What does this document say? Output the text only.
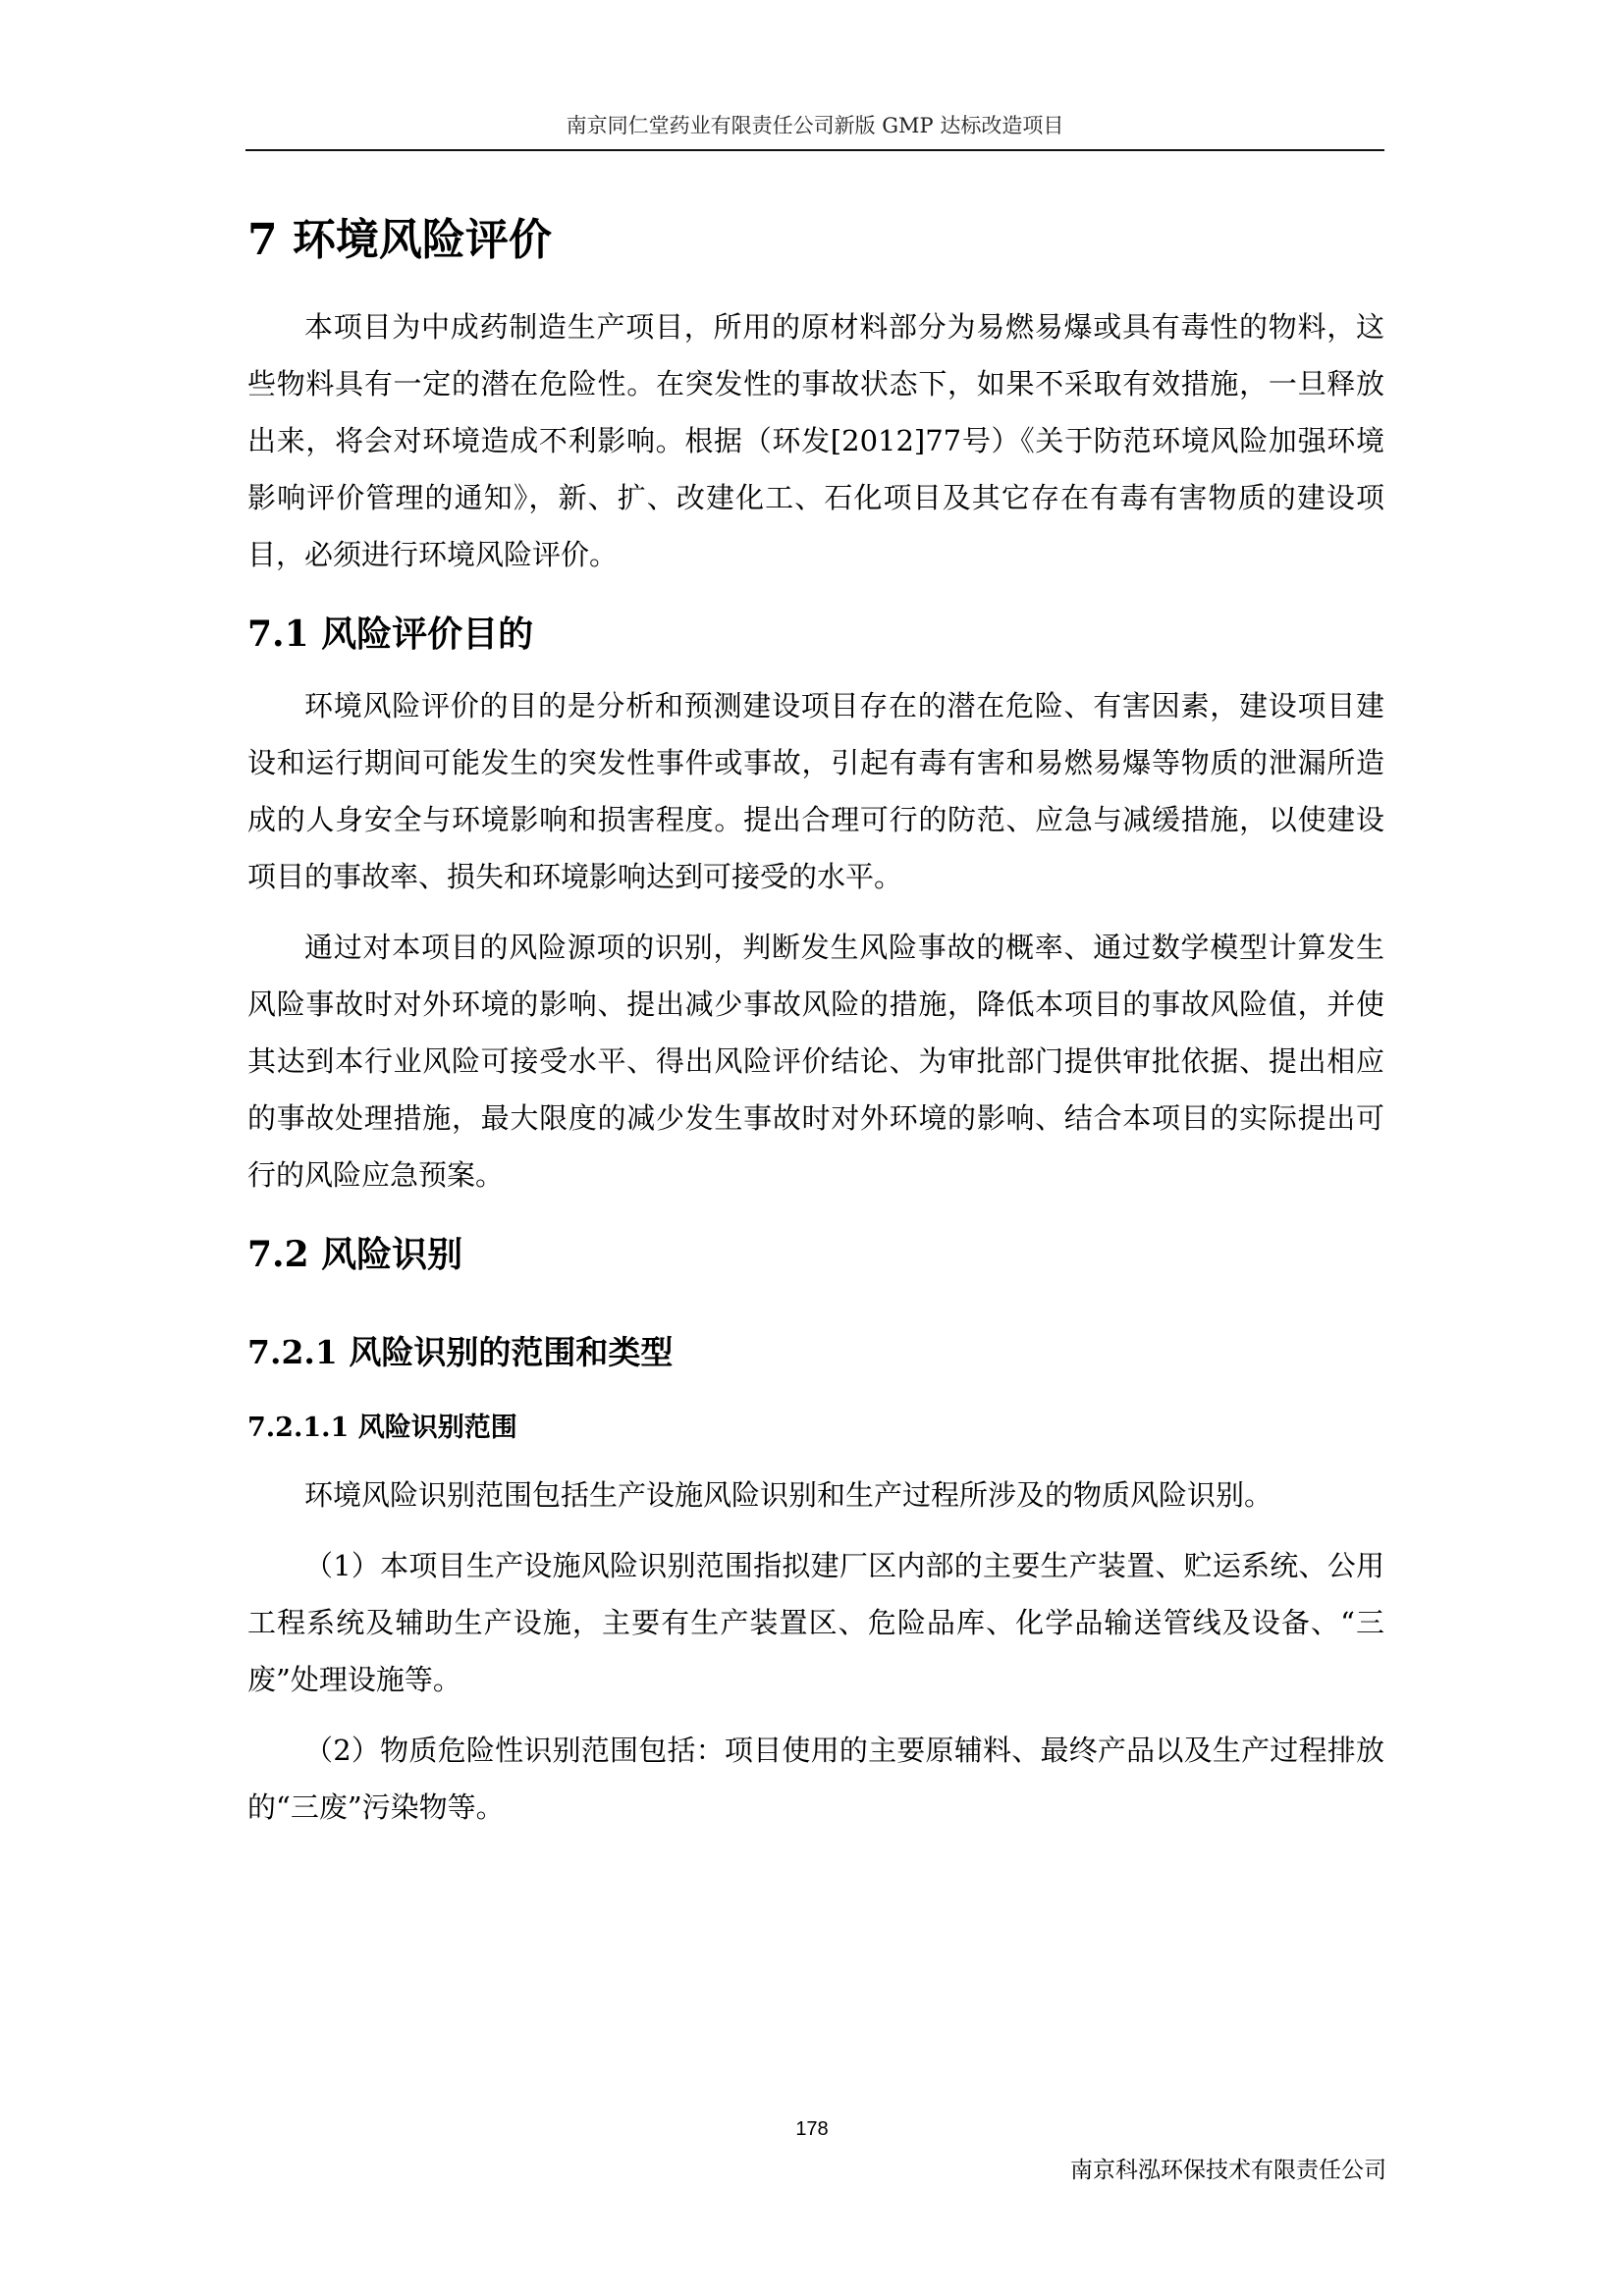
南京同仁堂药业有限责任公司新版 GMP 达标改造项目
7 环境风险评价

本项目为中成药制造生产项目，所用的原材料部分为易燃易爆或具有毒性的物料，这些物料具有一定的潜在危险性。在突发性的事故状态下，如果不采取有效措施，一旦释放出来，将会对环境造成不利影响。根据（环发[2012]77号）《关于防范环境风险加强环境影响评价管理的通知》，新、扩、改建化工、石化项目及其它存在有毒有害物质的建设项目，必须进行环境风险评价。

7.1 风险评价目的

环境风险评价的目的是分析和预测建设项目存在的潜在危险、有害因素，建设项目建设和运行期间可能发生的突发性事件或事故，引起有毒有害和易燃易爆等物质的泄漏所造成的人身安全与环境影响和损害程度。提出合理可行的防范、应急与减缓措施，以使建设项目的事故率、损失和环境影响达到可接受的水平。

通过对本项目的风险源项的识别，判断发生风险事故的概率、通过数学模型计算发生风险事故时对外环境的影响、提出减少事故风险的措施，降低本项目的事故风险值，并使其达到本行业风险可接受水平、得出风险评价结论、为审批部门提供审批依据、提出相应的事故处理措施，最大限度的减少发生事故时对外环境的影响、结合本项目的实际提出可行的风险应急预案。

7.2 风险识别
7.2.1 风险识别的范围和类型
7.2.1.1 风险识别范围

环境风险识别范围包括生产设施风险识别和生产过程所涉及的物质风险识别。

（1）本项目生产设施风险识别范围指拟建厂区内部的主要生产装置、贮运系统、公用工程系统及辅助生产设施，主要有生产装置区、危险品库、化学品输送管线及设备、“三废”处理设施等。

（2）物质危险性识别范围包括：项目使用的主要原辅料、最终产品以及生产过程排放的“三废”污染物等。

178
南京科泓环保技术有限责任公司
